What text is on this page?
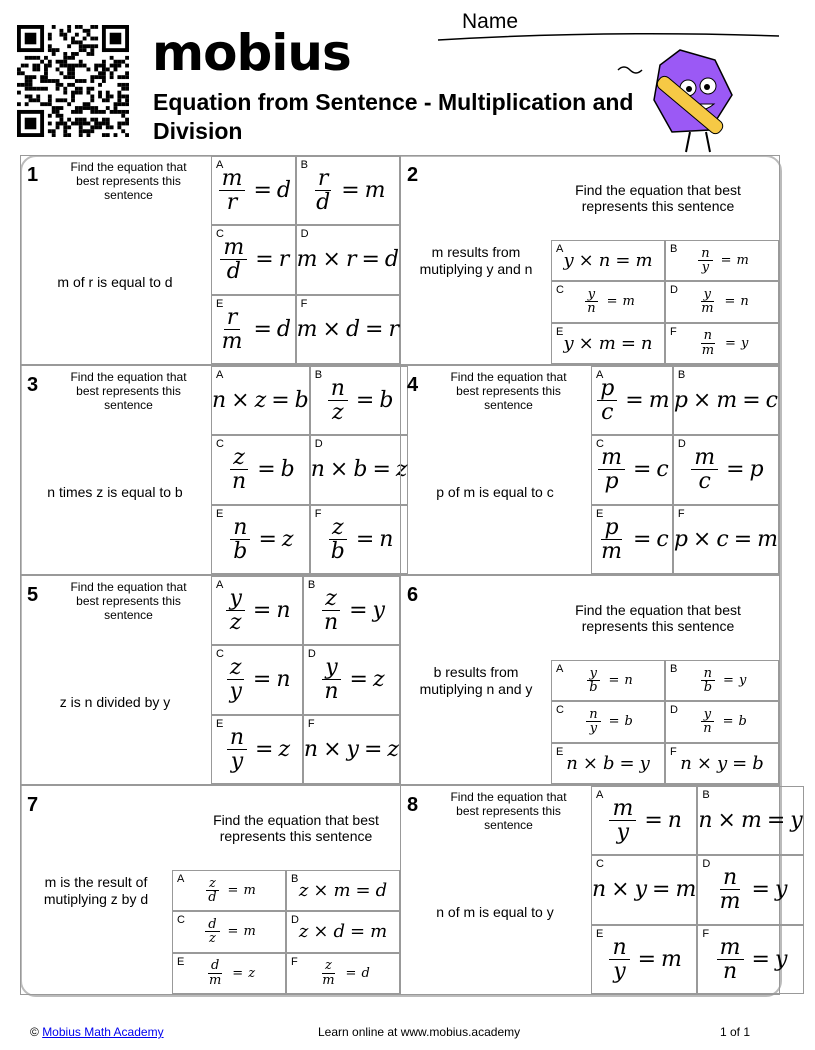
mobius
Equation from Sentence - Multiplication and Division
Name
1	Find the equation that best represents this sentence
m of r is equal to d
A
$\frac{m}{r} = d$
B
$\frac{r}{d} = m$
C
$\frac{m}{d} = r$
D
m × r = d
E
$\frac{r}{m} = d$
F
m × d = r
2
Find the equation that best represents this sentence
m results from mutiplying y and n
A
y × n = m
B $\frac{n}{y} = m$
C $\frac{y}{n} = m$
D $\frac{y}{m} = n$
E
y × m = n
F $\frac{n}{m} = y$
3	Find the equation that best represents this sentence
n times z is equal to b
A
n × z = b
B
$\frac{n}{z} = b$
C
$\frac{z}{n} = b$
D
n × b = z
E
$\frac{n}{b} = z$
F
$\frac{z}{b} = n$
4	Find the equation that best represents this sentence
p of m is equal to c
A
$\frac{p}{c} = m$
B
p × m = c
C
$\frac{m}{p} = c$
D
$\frac{m}{c} = p$
E
$\frac{p}{m} = c$
F
p × c = m
5	Find the equation that best represents this sentence
z is n divided by y
A
$\frac{y}{z} = n$
B
$\frac{z}{n} = y$
C
$\frac{z}{y} = n$
D
$\frac{y}{n} = z$
E
$\frac{n}{y} = z$
F
n × y = z
6
Find the equation that best represents this sentence
b results from mutiplying n and y
A $\frac{y}{b} = n$
B $\frac{n}{b} = y$
C $\frac{n}{y} = b$
D $\frac{y}{n} = b$
E
n × b = y
F
n × y = b
7
Find the equation that best represents this sentence
m is the result of mutiplying z by d
A $\frac{z}{d} = m$
B
z × m = d
C $\frac{d}{z} = m$
D
z × d = m
E $\frac{d}{m} = z$
F $\frac{z}{m} = d$
8	Find the equation that best represents this sentence
n of m is equal to y
A
$\frac{m}{y} = n$
B
n × m = y
C
n × y = m
D
$\frac{n}{m} = y$
E
$\frac{n}{y} = m$
F
$\frac{m}{n} = y$
© Mobius Math Academy	Learn online at www.mobius.academy	1 of 1
